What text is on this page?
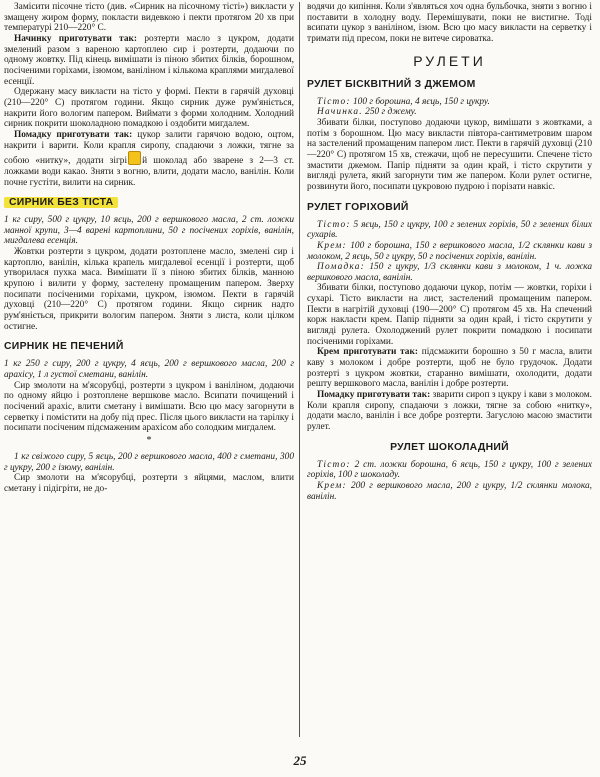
Замісити пісочне тісто (див. «Сирник на пісочному тісті») викласти у змащену жиром форму, покласти видевкою і пекти протягом 20 хв при температурі 210—220° С.

Начинку приготувати так: розтерти масло з цукром, додати змелений разом з вареною картоплею сир і розтерти, додаючи по одному жовтку. Під кінець вимішати із піною збитих білків, борошном, посіченими горіхами, ізюмом, ваніліном і кількома краплями мигдалевої есенції.

Одержану масу викласти на тісто у формі. Пекти в гарячій духовці (210—220° С) протягом години. Якщо сирник дуже рум'яніється, накрити його вологим папером. Виймати з форми холодним. Холодний сирник покрити шоколадною помадкою і оздобити мигдалем.

Помадку приготувати так: цукор залити гарячою водою, оцтом, накрити і варити. Коли крапля сиропу, спадаючи з ложки, тягне за собою «нитку», додати зігрі й шоколад або зварене з 2—3 ст. ложками води какао. Зняти з вогню, влити, додати масло, ванілін. Коли почне густіти, вилити на сирник.

СИРНИК БЕЗ ТІСТА

1 кг сиру, 500 г цукру, 10 яєць, 200 г вершкового масла, 2 ст. ложки манної крупи, 3—4 варені картоплини, 50 г посічених горіхів, ванілін, мигдалева есенція.

Жовтки розтерти з цукром, додати розтоплене масло, змелені сир і картоплю, ванілін, кілька крапель мигдалевої есенції і розтерти, щоб утворилася пухка маса. Вимішати її з піною збитих білків, манною крупою і вилити у форму, застелену промащеним папером. Зверху посипати посіченими горіхами, цукром, ізюмом. Пекти в гарячій духовці (210—220° С) протягом години. Якщо сирник надто рум'яніється, прикрити вологим папером. Зняти з листа, коли цілком остигне.

СИРНИК НЕ ПЕЧЕНИЙ

1 кг 250 г сиру, 200 г цукру, 4 яєць, 200 г вершкового масла, 200 г арахісу, 1 л густої сметани, ванілін.

Сир змолоти на м'ясорубці, розтерти з цукром і ваніліном, додаючи по одному яйцю і розтоплене вершкове масло. Всипати почищений і посічений арахіс, влити сметану і вимішати. Всю цю масу загорнути в серветку і помістити на добу під прес. Після цього викласти на тарілку і посипати посіченим підсмаженим арахісом або солодким мигдалем.

*

1 кг свіжого сиру, 5 яєць, 200 г вершкового масла, 400 г сметани, 300 г цукру, 200 г ізюму, ванілін.

Сир змолоти на м'ясорубці, розтерти з яйцями, маслом, влити сметану і підігріти, не до-

водячи до кипіння. Коли з'являться хоч одна бульбочка, зняти з вогню і поставити в холодну воду. Перемішувати, поки не вистигне. Тоді всипати цукор з ваніліном, ізюм. Всю цю масу викласти на серветку і тримати під пресом, поки не витече сироватка.

РУЛЕТИ
РУЛЕТ БІСКВІТНИЙ З ДЖЕМОМ

Тісто: 100 г борошна, 4 яєць, 150 г цукру.

Начинка. 250 г джему.

Збивати білки, поступово додаючи цукор, вимішати з жовтками, а потім з борошном. Цю масу викласти півтора-сантиметровим шаром на застелений промащеним папером лист. Пекти в гарячій духовці (210—220° С) протягом 15 хв, стежачи, щоб не пересушити. Спечене тісто змастити джемом. Папір підняти за один край, і тісто скрутити у вигляді рулета, який загорнути тим же папером. Коли рулет остигне, розвинути його, посипати цукровою пудрою і порізати навкіс.

РУЛЕТ ГОРІХОВИЙ

Тісто: 5 яєць, 150 г цукру, 100 г зелених горіхів, 50 г зелених білих сухарів.

Крем: 100 г борошна, 150 г вершкового масла, 1/2 склянки кави з молоком, 2 яєць, 50 г цукру, 50 г посічених горіхів, ванілін.

Помадка: 150 г цукру, 1/3 склянки кави з молоком, 1 ч. ложка вершкового масла, ванілін.

Збивати білки, поступово додаючи цукор, потім — жовтки, горіхи і сухарі. Тісто викласти на лист, застелений промащеним папером. Пекти в нагрітій духовці (190—200° С) протягом 45 хв. На спечений корж накласти крем. Папір підняти за один край, і тісто скрутити у вигляді рулета. Охолоджений рулет покрити помадкою і посипати посіченими горіхами.

Крем приготувати так: підсмажити борошно з 50 г масла, влити каву з молоком і добре розтерти, щоб не було грудочок. Додати розтерті з цукром жовтки, старанно вимішати, охолодити, додати решту вершкового масла, ванілін і добре розтерти.

Помадку приготувати так: зварити сироп з цукру і кави з молоком. Коли крапля сиропу, спадаючи з ложки, тягне за собою «нитку», додати масло, ванілін і все добре розтерти. Загуслою масою змастити рулет.

РУЛЕТ ШОКОЛАДНИЙ

Тісто: 2 ст. ложки борошна, 6 яєць, 150 г цукру, 100 г зелених горіхів, 100 г шоколаду.

Крем: 200 г вершкового масла, 200 г цукру, 1/2 склянки молока, ванілін.

25
